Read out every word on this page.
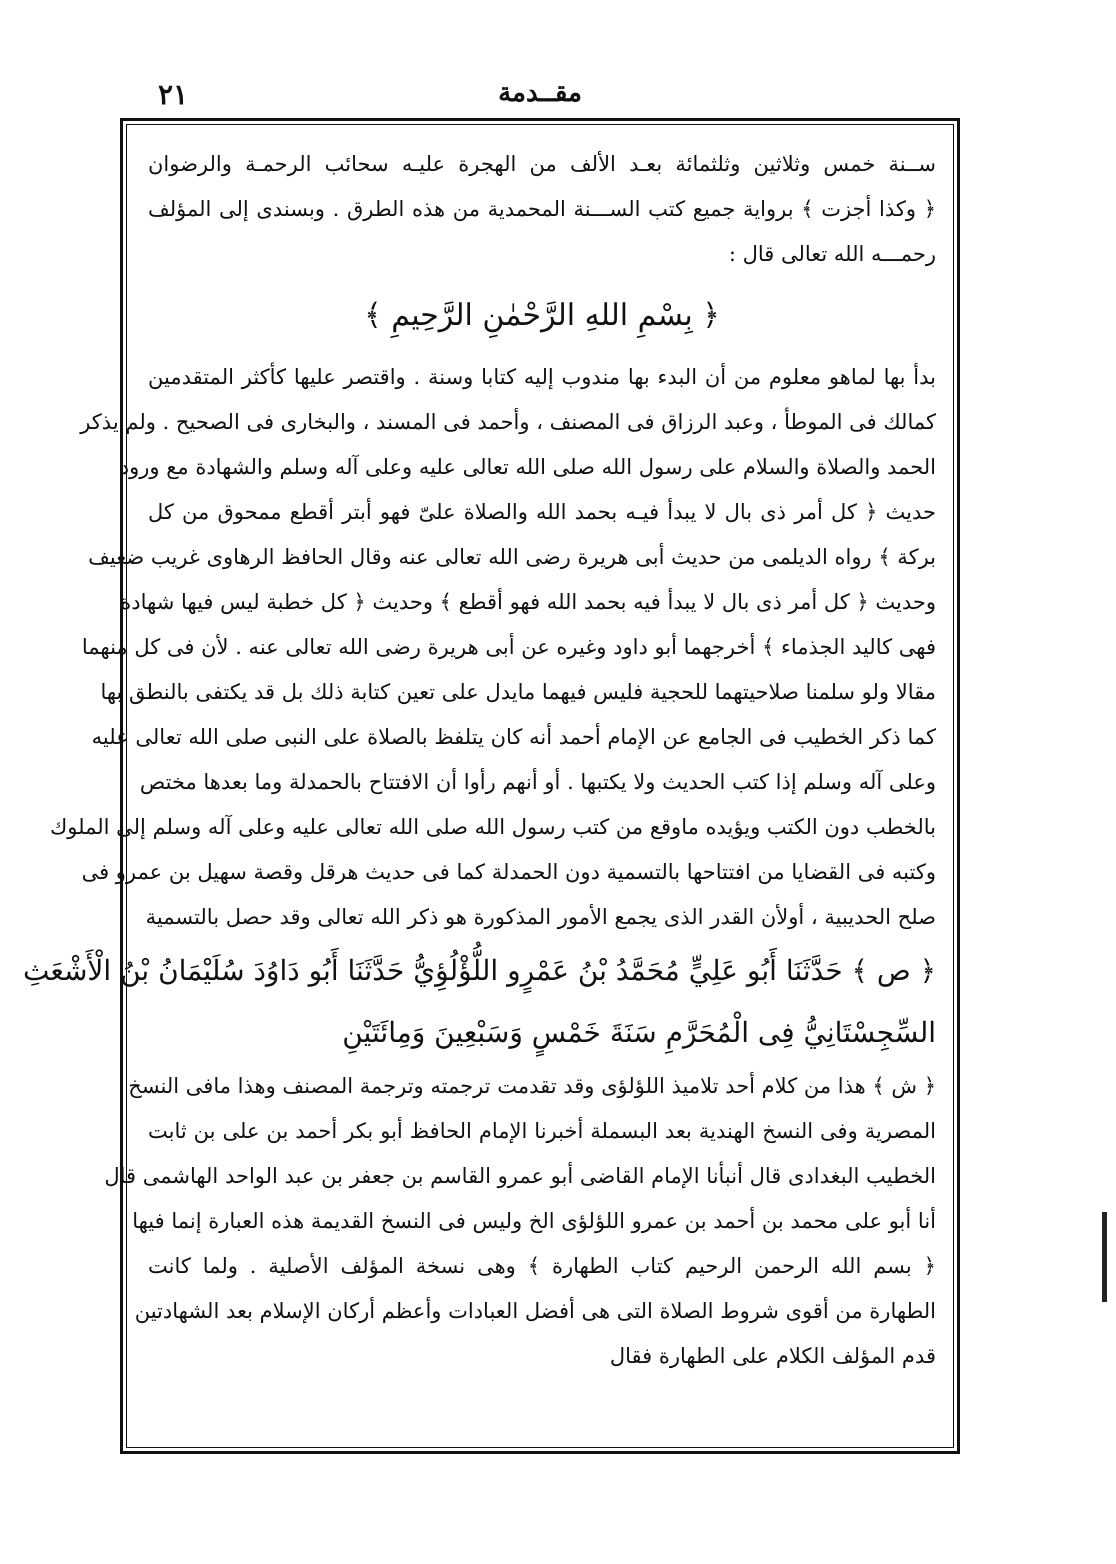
٢١	مقــدمة
ســنة خمس وثلاثين وثلثمائة بعـد الألف من الهجرة عليـه سحائب الرحمـة والرضوان
﴿ وكذا أجزت ﴾ برواية جميع كتب الســـنة المحمدية من هذه الطرق . وبسندى إلى المؤلف
رحمـــه الله تعالى قال :
﴿ بِسْمِ اللهِ الرَّحْمٰنِ الرَّحِيمِ ﴾
بدأ بها لماهو معلوم من أن البدء بها مندوب إليه كتابا وسنة . واقتصر عليها كأكثر المتقدمين
كمالك فى الموطأ ، وعبد الرزاق فى المصنف ، وأحمد فى المسند ، والبخارى فى الصحيح . ولم يذكر
الحمد والصلاة والسلام على رسول الله صلى الله تعالى عليه وعلى آله وسلم والشهادة مع ورود
حديث ﴿ كل أمر ذى بال لا يبدأ فيـه بحمد الله والصلاة علىّ فهو أبتر أقطع ممحوق من كل
بركة ﴾ رواه الديلمى من حديث أبى هريرة رضى الله تعالى عنه وقال الحافظ الرهاوى غريب ضعيف
وحديث ﴿ كل أمر ذى بال لا يبدأ فيه بحمد الله فهو أقطع ﴾ وحديث ﴿ كل خطبة ليس فيها شهادة
فهى كاليد الجذماء ﴾ أخرجهما أبو داود وغيره عن أبى هريرة رضى الله تعالى عنه . لأن فى كل منهما
مقالا ولو سلمنا صلاحيتهما للحجية فليس فيهما مايدل على تعين كتابة ذلك بل قد يكتفى بالنطق بها
كما ذكر الخطيب فى الجامع عن الإمام أحمد أنه كان يتلفظ بالصلاة على النبى صلى الله تعالى عليه
وعلى آله وسلم إذا كتب الحديث ولا يكتبها . أو أنهم رأوا أن الافتتاح بالحمدلة وما بعدها مختص
بالخطب دون الكتب ويؤيده ماوقع من كتب رسول الله صلى الله تعالى عليه وعلى آله وسلم إلى الملوك
وكتبه فى القضايا من افتتاحها بالتسمية دون الحمدلة كما فى حديث هرقل وقصة سهيل بن عمرو فى
صلح الحديبية ، أولأن القدر الذى يجمع الأمور المذكورة هو ذكر الله تعالى وقد حصل بالتسمية
﴿ ص ﴾ حَدَّثَنَا أَبُو عَلِيٍّ مُحَمَّدُ بْنُ عَمْرٍو اللُّؤْلُؤِيُّ حَدَّثَنَا أَبُو دَاوُدَ سُلَيْمَانُ بْنُ الْأَشْعَثِ
السِّجِسْتَانِيُّ فِى الْمُحَرَّمِ سَنَةَ خَمْسٍ وَسَبْعِينَ وَمِائَتَيْنِ
﴿ ش ﴾ هذا من كلام أحد تلاميذ اللؤلؤى وقد تقدمت ترجمته وترجمة المصنف وهذا مافى النسخ
المصرية وفى النسخ الهندية بعد البسملة أخبرنا الإمام الحافظ أبو بكر أحمد بن على بن ثابت
الخطيب البغدادى قال أنبأنا الإمام القاضى أبو عمرو القاسم بن جعفر بن عبد الواحد الهاشمى قال
أنا أبو على محمد بن أحمد بن عمرو اللؤلؤى الخ وليس فى النسخ القديمة هذه العبارة إنما فيها
﴿ بسم الله الرحمن الرحيم كتاب الطهارة ﴾ وهى نسخة المؤلف الأصلية . ولما كانت
الطهارة من أقوى شروط الصلاة التى هى أفضل العبادات وأعظم أركان الإسلام بعد الشهادتين
قدم المؤلف الكلام على الطهارة فقال
